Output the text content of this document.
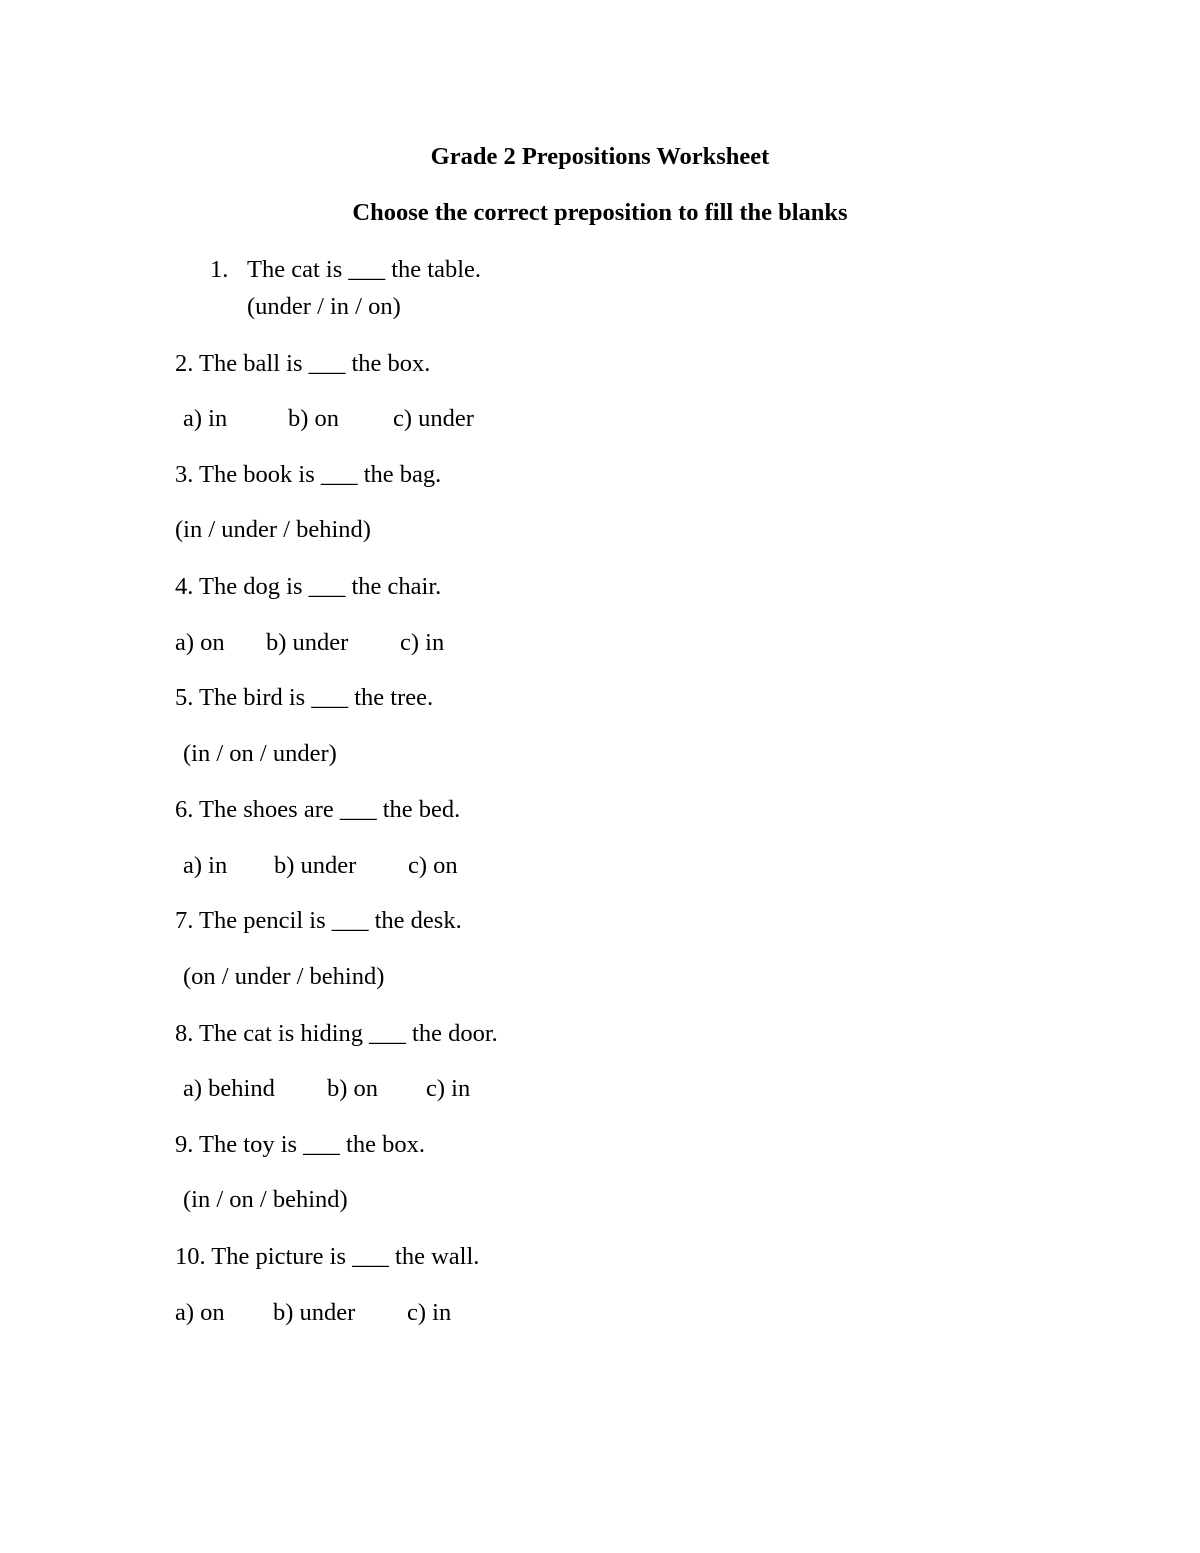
Grade 2 Prepositions Worksheet
Choose the correct preposition to fill the blanks
1. The cat is ___ the table.
(under / in / on)
2. The ball is ___ the box.
a) in b) on c) under
3. The book is ___ the bag.
(in / under / behind)
4. The dog is ___ the chair.
a) on b) under c) in
5. The bird is ___ the tree.
(in / on / under)
6. The shoes are ___ the bed.
a) in b) under c) on
7. The pencil is ___ the desk.
(on / under / behind)
8. The cat is hiding ___ the door.
a) behind b) on c) in
9. The toy is ___ the box.
(in / on / behind)
10. The picture is ___ the wall.
a) on b) under c) in
